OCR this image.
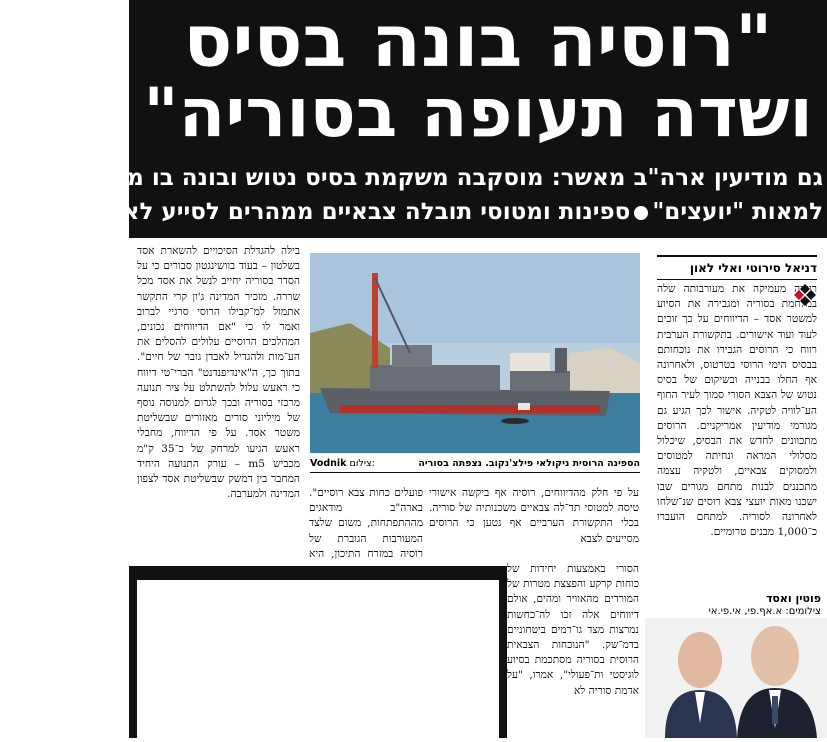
"רוסיה בונה בסיס
ושדה תעופה בסוריה"
גם מודיעין ארה"ב מאשר: מוסקבה משקמת בסיס נטוש ובונה בו מתחם מגורים
למאות "יועצים"ספינות ומטוסי תובלה צבאיים ממהרים לסייע לאסד
דניאל סירוטי ואלי לאון

רוסיה מעמיקה את מעורבותה שלה במלחמת בסוריה ומגבירה את הסיוע למשטר אסד – הדיווחים על כך זוכים לעוד ועוד אישורים. בתקשורת הערבית רווח כי הרוסים הגבירו את נוכחותם בבסיס הימי הרוסי בטרטוס, ולאחרונה אף החלו בבנייה ובשיקום של בסיס נטוש של הצבא הסורי סמוך לעיר החוף הע־לוויה לטקיה. אישור לכך הגיע גם מגורמי מודיעין אמריקניים. הרוסים מתכוונים לחדש את הבסיס, שיכלול מסלולי המראה ונחיתה למטוסים ולמסוקים צבאיים, ולטקיה עצמה מתכננים לבנות מתחם מגורים שבו ישכנו מאות יועצי צבא רוסים שנ־שלחו לאחרונה לסוריה. למתחם הועברו כ־1,000 מבנים טרומיים.

Vodnik צילום:	הספינה הרוסית ניקולאי פילצ'נקוב. נצפתה בסוריה

על פי חלק מהדיווחים, רוסיה אף ביקשה אישורי טיסה למטוסי תד־לה צבאיים משכנותיה של סוריה. בכלי התקשורת הערביים אף נטען כי הרוסים מסייעים לצבא

פועלים כחות צבא רוסיים". בארה"ב מודאגים מההתפתחות, משום שלצד המעורבות הגוברת של רוסיה במזרח התיכון, היא

הסורי באמצעות יחידות של כוחות קרקע והפצצת מטרות של המורדים מהאוויר ומהים, אולם דיווחים אלה זכו לה־כחשות נמרצות מצד גו־רמים ביטחוניים בדמ־שק. "הנוכחות הצבאית הרוסית בסוריה מסתכמת בסיוע לוגיסטי ות־פעולי", אמרו, "על אדמת סוריה לא

בילה להגדלת הסיכויים להשארת אסד בשלטון – בעוד בוושינגטון סבורים כי על הסדר בסוריה יחייב לנשל את אסד מכל שררה. מזכיר המדינה ג'ון קרי התקשר אתמול למ־קבילו הרוסי סרגיי לברוב ואמר לו כי "אם הדיווחים נכונים, המהלכים הרוסיים עלולים להסלים את הע־מות ולהגדיל לאבדן גובר של חיים". בתוך כך, ה"אינדיפנדנט" הברי־טי דיווח כי ראעש עלול להשתלט על ציר תנועה מרכזי בסוריה ובכך לגרום למנוסה נוסף של מיליוני סורים מאזורים שבשליטת משטר אסד. על פי הדיווח, מחבלי ראעש הגיעו למרחק של כ־35 ק"מ מכביש m5 – עורק התנועה היחיד המחבר בין דמשק שבשליטת אסד לצפון המדינה ולמערבה.

פוטין ואסד
צילומים: א.אף.פי, אי.פי.אי
